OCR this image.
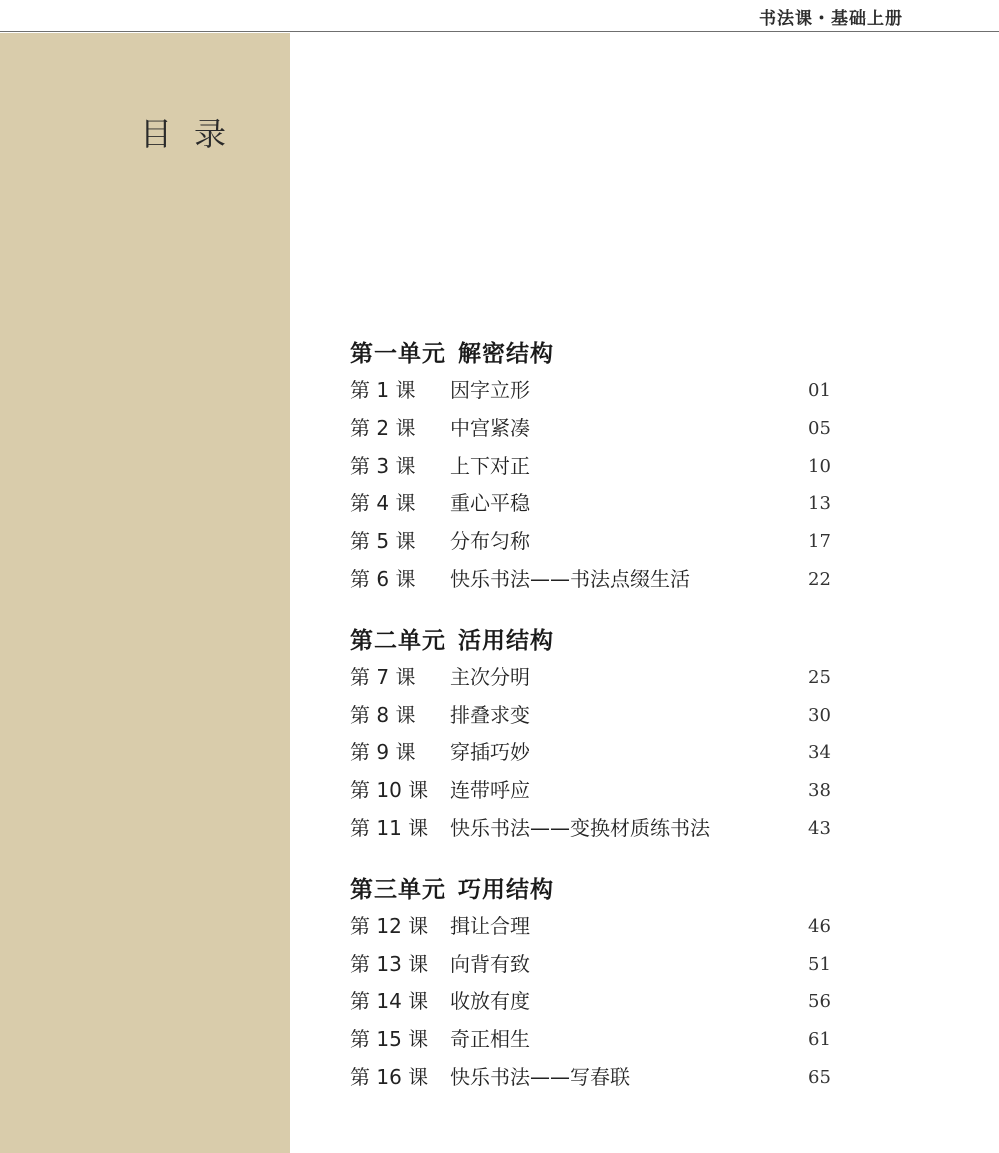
书法课・基础上册
目录
第一单元 解密结构
第 1 课 因字立形	01
第 2 课 中宫紧凑	05
第 3 课 上下对正	10
第 4 课 重心平稳	13
第 5 课 分布匀称	17
第 6 课 快乐书法——书法点缀生活	22
第二单元 活用结构
第 7 课 主次分明	25
第 8 课 排叠求变	30
第 9 课 穿插巧妙	34
第 10 课 连带呼应	38
第 11 课 快乐书法——变换材质练书法	43
第三单元 巧用结构
第 12 课 揖让合理	46
第 13 课 向背有致	51
第 14 课 收放有度	56
第 15 课 奇正相生	61
第 16 课 快乐书法——写春联	65
